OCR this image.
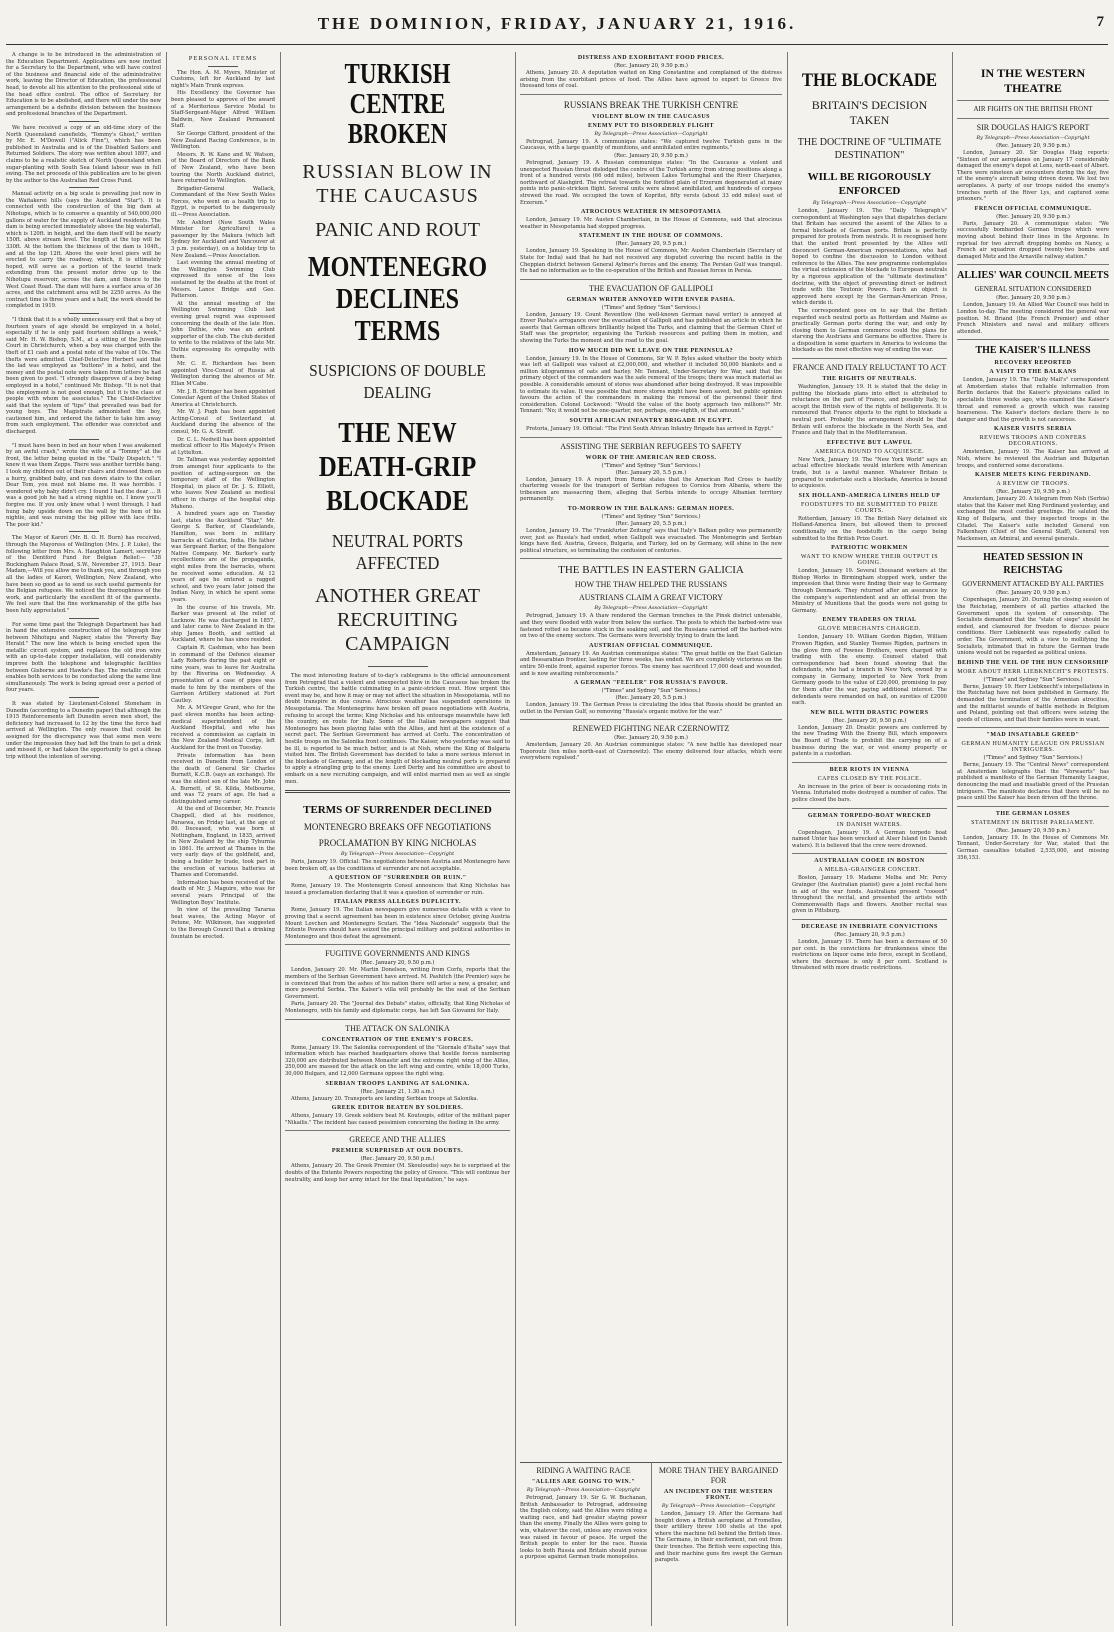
THE DOMINION, FRIDAY, JANUARY 21, 1916.	7

A change is to be introduced in the administration of the Education Department. Applications are now invited for a Secretary to the Department, who will have control of the business and financial side of the administrative work, leaving the Director of Education, the professional head, to devote all his attention to the professional side of the head office control. The office of Secretary for Education is to be abolished, and there will under the new arrangement be a definite division between the business and professional branches of the Department.

We have received a copy of an old-time story of the North Queensland canefields, "Tommy's Ghost," written by Mr. E. M'Dowell ("Alick Finn"), which has been published in Australia and is of the Disabled Sailors and Returned Soldiers. The story was written about 1897, and claims to be a realistic sketch of North Queensland when sugar-planting with South Sea Island labour was in full swing. The net proceeds of this publication are to be given by the author to the Australian Red Cross Fund.

Manual activity on a big scale is prevailing just now in the Waitakerei hills (says the Auckland "Star"). It is connected with the construction of the big dam at Nihotupu, which is to conserve a quantity of 540,000,000 gallons of water for the supply of Auckland residents. The dam is being erected immediately above the big waterfall, which is 120ft. in height, and the dam itself will be nearly 150ft. above stream level. The length at the top will be 330ft. At the bottom the thickness of the dam is 104ft., and at the top 12ft. Above the weir level piers will be erected to carry the roadway, which, it is ultimately hoped, will serve as a portion of the tourist track extending from the present motor drive up to the Nihotupu reservoir, across the dam, and thence to the West Coast Road. The dam will have a surface area of 36 acres, and the catchment area will be 2250 acres. As the contract time is three years and a half, the work should be completed in 1919.

"I think that it is a wholly unnecessary evil that a boy of fourteen years of age should be employed in a hotel, especially if he is only paid fourteen shillings a week," said Mr. H. W. Bishop, S.M., at a sitting of the Juvenile Court in Christchurch, when a boy was charged with the theft of £1 cash and a postal note of the value of 10s. The thefts were admitted. Chief-Detective Herbert said that the lad was employed as "buttons" in a hotel, and the money and the postal note were taken from letters he had been given to post. "I strongly disapprove of a boy being employed in a hotel," continued Mr. Bishop. "It is not that the employment is not good enough, but it is the class of people with whom he associates." The Chief-Detective said that the system of "tips" that prevailed was bad for young boys. The Magistrate admonished the boy, cautioned him, and ordered the father to take him away from such employment. The offender was convicted and discharged.

"I must have been in bed an hour when I was awakened by an awful crash," wrote the wife of a "Tommy" at the front, the letter being quoted in the "Daily Dispatch." "I knew it was them Zepps. There was another terrible bang. I took my children out of their chairs and dressed them on a hurry, grabbed baby, and ran down stairs to the cellar. Dear Tom, you must not blame me. It was horrible. I wondered why baby didn't cry. I found I had the dear ... It was a good job he had a strong nightie on. I know you'll forgive me. If you only knew what I went through. I had hung baby upside down on the wall by the hem of his nightie, and was nursing the big pillow with lace frills. The poor kid."

The Mayor of Karori (Mr. B. O. H. Burn) has received, through the Mayoress of Wellington (Mrs. J. P. Luke), the following letter from Mrs. A. Haughton Lamert, secretary of the Dentford Fund for Belgian Relief:— "38 Buckingham Palace Road, S.W., November 27, 1915. Dear Madam,—Will you allow me to thank you, and through you all the ladies of Karori, Wellington, New Zealand, who have been so good as to send us such useful garments for the Belgian refugees. We noticed the thoroughness of the work, and particularly the excellent fit of the garments. We feel sure that the fine workmanship of the gifts has been fully appreciated."

For some time past the Telegraph Department has had in hand the extensive construction of the telegraph line between Nihotupu and Napier, states the "Poverty Bay Herald." The new line which is being erected upon the metallic circuit system, and replaces the old iron wire with an up-to-date copper installation, will considerably improve both the telephone and telegraphic facilities between Gisborne and Hawke's Bay. The metallic circuit enables both services to be conducted along the same line simultaneously. The work is being spread over a period of four years.

It was stated by Lieutenant-Colonel Stoneham in Dunedin (according to a Dunedin paper) that although the 1915 Reinforcements left Dunedin seven men short, the deficiency had increased to 12 by the time the force had arrived at Wellington. The only reason that could be assigned for the discrepancy was that some men were under the impression they had left the train to get a drink and missed it, or had taken the opportunity to get a cheap trip without the intention of serving.

PERSONAL ITEMS

The Hon. A. M. Myers, Minister of Customs, left for Auckland by last night's Main Trunk express.

His Excellency the Governor has been pleased to approve of the award of a Meritorious Service Medal to Staff-Sergeant-Major Alfred William Baldwin, New Zealand Permanent Staff.

Sir George Clifford, president of the New Zealand Racing Conference, is in Wellington.

Messrs. R. W. Kane and W. Watson, of the Board of Directors of the Bank of New Zealand, who have been touring the North Auckland district, have returned to Wellington.

Brigadier-General Wallack, Commandant of the New South Wales Forces, who went on a health trip to Egypt, is reported to be dangerously ill.—Press Association.

Mr. Ashford (New South Wales Minister for Agriculture) is a passenger by the Makura (which left Sydney for Auckland and Vancouver at 3 p.m. yesterday), on a holiday trip to New Zealand.—Press Association.

Last evening the annual meeting of the Wellington Swimming Club expressed its sense of the loss sustained by the deaths at the front of Messrs. Lance Bridge and Geo. Patterson.

At the annual meeting of the Wellington Swimming Club last evening great regret was expressed concerning the death of the late Hon. John Duthie, who was an ardent supporter of the club. The club decided to write to the relatives of the late Mr. Duthie expressing its sympathy with them.

Mr. C. E. Richardson has been appointed Vice-Consul of Russia at Wellington during the absence of Mr. Ellan M'Cabe.

Mr. J. B. Stringer has been appointed Consular Agent of the United States of America at Christchurch.

Mr. W. J. Pugh has been appointed Acting-Consul of Switzerland at Auckland during the absence of the consul, Mr. G. A. Streiff.

Dr. C. L. Nedwill has been appointed medical officer to His Majesty's Prison at Lyttelton.

Dr. Tallman was yesterday appointed from amongst four applicants to the position of acting-surgeon on the temporary staff of the Wellington Hospital, in place of Dr. J. S. Elliott, who leaves New Zealand as medical officer in charge of the hospital ship Maheno.

A hundred years ago on Tuesday last, states the Auckland "Star," Mr. George S. Barker, of Claudelands, Hamilton, was born in military barracks at Calcutta, India. His father was Sergeant Barker, of the Bengalore Native Company. Mr. Barker's early recollections are of the propaganda, eight miles from the barracks, where he received some education. At 12 years of age he entered a ragged school, and two years later joined the Indian Navy, in which he spent some years.

In the course of his travels, Mr. Barker was present at the relief of Lucknow. He was discharged in 1857, and later came to New Zealand in the ship James Booth, and settled at Auckland, where he has since resided.

Captain R. Cashman, who has been in command of the Defence steamer Lady Roberts during the past eight or nine years, was to leave for Australia by the Riverina on Wednesday. A presentation of a case of pipes was made to him by the members of the Garrison Artillery stationed at Fort Cautley.

Mr. A. M'Gregor Grant, who for the past eleven months has been acting-medical superintendent of the Auckland Hospital, and who has received a commission as captain in the New Zealand Medical Corps, left Auckland for the front on Tuesday.

Private information has been received in Dunedin from London of the death of General Sir Charles Burnett, K.C.B. (says an exchange). He was the eldest son of the late Mr. John A. Burnett, of St. Kilda, Melbourne, and was 72 years of age. He had a distinguished army career.

At the end of December, Mr. Francis Chappell, died at his residence, Paraewa, on Friday last, at the age of 80. Deceased, who was born at Nottingham, England, in 1835, arrived in New Zealand by the ship Tyburnia in 1861. He arrived at Thames in the very early days of the goldfield, and, being a builder by trade, took part in the erection of various batteries at Thames and Coromandel.

Information has been received of the death of Mr. J. Maguire, who was for several years Principal of the Wellington Boys' Institute.

In view of the prevailing Tararua heat waves, the Acting Mayor of Petone, Mr. Wilkinson, has suggested to the Borough Council that a drinking fountain be erected.

TURKISH CENTRE BROKEN
RUSSIAN BLOW IN THE CAUCASUS
PANIC AND ROUT
MONTENEGRO DECLINES TERMS
SUSPICIONS OF DOUBLE DEALING
THE NEW DEATH-GRIP BLOCKADE
NEUTRAL PORTS AFFECTED
ANOTHER GREAT RECRUITING CAMPAIGN

The most interesting feature of to-day's cablegrams is the official announcement from Petrograd that a violent and unexpected blow in the Caucasus has broken the Turkish centre, the battle culminating in a panic-stricken rout. How urgent this event may be, and how it may or may not affect the situation in Mesopotamia, will no doubt transpire in due course. Atrocious weather has suspended operations in Mesopotamia. The Montenegrins have broken off peace negotiations with Austria, refusing to accept the terms; King Nicholas and his entourage meanwhile have left the country, en route for Italy. Some of the Italian newspapers suggest that Montenegro has been playing false with the Allies, and hint at the existence of a secret pact. The Serbian Government has arrived at Corfu. The concentration of hostile troops on the Salonika front continues. The Kaiser, who yesterday was said to be ill, is reported to be much better, and is at Nish, where the King of Bulgaria visited him. The British Government has decided to take a more serious interest in the blockade of Germany, and at the length of blockading neutral ports is prepared to apply a strangling grip to the enemy. Lord Derby and his committee are about to embark on a new recruiting campaign, and will enlist married men as well as single men.

TERMS OF SURRENDER DECLINED
MONTENEGRO BREAKS OFF NEGOTIATIONS
PROCLAMATION BY KING NICHOLAS
By Telegraph—Press Association—Copyright

Paris, January 19. Official: The negotiations between Austria and Montenegro have been broken off, as the conditions of surrender are not acceptable.

A QUESTION OF "SURRENDER OR RUIN."

Rome, January 19. The Montenegrin Consul announces that King Nicholas has issued a proclamation declaring that it was a question of surrender or ruin.

ITALIAN PRESS ALLEGES DUPLICITY.

Rome, January 19. The Italian newspapers give numerous details with a view to proving that a secret agreement has been in existence since October, giving Austria Mount Lovchen and Montenegro Scutari. The "Idea Nazionale" suggests that the Entente Powers should have seized the principal military and political authorities in Montenegro and thus defeat the agreement.

FUGITIVE GOVERNMENTS AND KINGS
(Rec. January 20, 9.50 p.m.)

London, January 20. Mr. Martin Donelson, writing from Corfu, reports that the members of the Serbian Government have arrived. M. Pashitch (the Premier) says he is convinced that from the ashes of his nation there will arise a new, a greater, and more powerful Serbia. The Kaiser's villa will probably be the seat of the Serbian Government.

Paris, January 20. The "Journal des Debats" states, officially, that King Nicholas of Montenegro, with his family and diplomatic corps, has left San Giovanni for Italy.

THE ATTACK ON SALONIKA
CONCENTRATION OF THE ENEMY'S FORCES.

Rome, January 19. The Salonika correspondent of the "Giornale d'Italia" says that information which has reached headquarters shows that hostile forces numbering 320,000 are distributed between Monastir and the extreme right wing of the Allies, 250,000 are massed for the attack on the left wing and centre, while 18,000 Turks, 30,000 Bulgars, and 12,000 Germans oppose the right wing.

SERBIAN TROOPS LANDING AT SALONIKA.
(Rec. January 21, 1.30 a.m.)

Athens, January 20. Transports are landing Serbian troops at Salonika.

GREEK EDITOR BEATEN BY SOLDIERS.

Athens, January 19. Greek soldiers beat M. Koutoupis, editor of the militant paper "Nikailis." The incident has caused pessimism concerning the feeling in the army.

GREECE AND THE ALLIES
PREMIER SURPRISED AT OUR DOUBTS.
(Rec. January 20, 9.50 p.m.)

Athens, January 20. The Greek Premier (M. Skouloudis) says he is surprised at the doubts of the Entente Powers respecting the policy of Greece. "This will continue her neutrality, and keep her army intact for the final liquidation," he says.

DISTRESS AND EXORBITANT FOOD PRICES.
(Rec. January 20, 9.50 p.m.)

Athens, January 20. A deputation waited on King Constantine and complained of the distress arising from the exorbitant prices of food. The Allies have agreed to export to Greece five thousand tons of coal.

RUSSIANS BREAK THE TURKISH CENTRE
VIOLENT BLOW IN THE CAUCASUS
ENEMY PUT TO DISORDERLY FLIGHT
By Telegraph—Press Association—Copyright

Petrograd, January 19. A communique states: "We captured twelve Turkish guns in the Caucasus, with a large quantity of munitions, and annihilated entire regiments."

(Rec. January 20, 9.50 p.m.)

Petrograd, January 19. A Russian communique states: "In the Caucasus a violent and unexpected Russian thrust dislodged the centre of the Turkish army from strong positions along a front of a hundred versts (66 odd miles), between Lakes Tortumghal and the River Charjanes, northward of Alashgird. The retreat towards the fortified plain of Erzerum degenerated at many points into panic-stricken flight. Several units were almost annihilated, and hundreds of corpses strewed the road. We occupied the town of Kopritei, fifty versts (about 33 odd miles) east of Erzerum."

ATROCIOUS WEATHER IN MESOPOTAMIA

London, January 19. Mr. Austen Chamberlain, in the House of Commons, said that atrocious weather in Mesopotamia had stopped progress.

STATEMENT IN THE HOUSE OF COMMONS.
(Rec. January 20, 9.5 p.m.)

London, January 19. Speaking in the House of Commons, Mr. Austen Chamberlain (Secretary of State for India) said that he had not received any disputed covering the recent battle in the Cheppian district between General Aylmer's forces and the enemy. The Persian Gulf was tranquil. He had no information as to the co-operation of the British and Russian forces in Persia.

THE EVACUATION OF GALLIPOLI
GERMAN WRITER ANNOYED WITH ENVER PASHA.
("Times" and Sydney "Sun" Services.)

London, January 19. Count Reventlow (the well-known German naval writer) is annoyed at Enver Pasha's arrogance over the evacuation of Gallipoli and has published an article in which he asserts that German officers brilliantly helped the Turks, and claiming that the German Chief of Staff was the proprietor, organising the Turkish resources and putting them in motion, and showing the Turks the moment and the road to the goal.

HOW MUCH DID WE LEAVE ON THE PENINSULA?

London, January 19. In the House of Commons, Sir W. P. Byles asked whether the booty which was left at Gallipoli was valued at £2,000,000, and whether it included 50,000 blankets and a million kilogrammes of oats and barley. Mr. Tennant, Under-Secretary for War, said that the primary object of the commanders was the safe removal of the troops; there was much material as possible. A considerable amount of stores was abandoned after being destroyed. It was impossible to estimate its value. It was possible that more stores might have been saved, but public opinion favours the action of the commanders in making the removal of the personnel their first consideration. Colonel Lockwood: "Would the value of the booty approach two millions?" Mr. Tennant: "No; it would not be one-quarter, nor, perhaps, one-eighth, of that amount."

SOUTH AFRICAN INFANTRY BRIGADE IN EGYPT.

Pretoria, January 19. Official: "The First South African Infantry Brigade has arrived in Egypt."

ASSISTING THE SERBIAN REFUGEES TO SAFETY
WORK OF THE AMERICAN RED CROSS.
("Times" and Sydney "Sun" Services.)
(Rec. January 20, 5.5 p.m.)

London, January 19. A report from Rome states that the American Red Cross is hastily chartering vessels for the transport of Serbian refugees to Corsica from Albania, where the tribesmen are massacring them, alleging that Serbia intends to occupy Albanian territory permanently.

TO-MORROW IN THE BALKANS: GERMAN HOPES.
("Times" and Sydney "Sun" Services.)
(Rec. January 20, 5.5 p.m.)

London, January 19. The "Frankfurter Zeitung" says that Italy's Balkan policy was permanently over, just as Russia's had ended, when Gallipoli was evacuated. The Montenegrin and Serbian kings have fled. Austria, Greece, Bulgaria, and Turkey, led on by Germany, will shine in the new political structure, so terminating the confusion of centuries.

THE BATTLES IN EASTERN GALICIA
HOW THE THAW HELPED THE RUSSIANS
AUSTRIANS CLAIM A GREAT VICTORY
By Telegraph—Press Association—Copyright

Petrograd, January 19. A thaw rendered the German trenches in the Pinsk district untenable, and they were flooded with water from below the surface. The posts to which the barbed-wire was fastened rotted so became stuck in the soaking soil, and the Russians carried off the barbed-wire on two of the enemy sectors. The Germans were feverishly trying to drain the land.

AUSTRIAN OFFICIAL COMMUNIQUE.

Amsterdam, January 19. An Austrian communique states: "The great battle on the East Galician and Bessarabian frontier, lasting for three weeks, has ended. We are completely victorious on the entire 50-mile front, against superior forces. The enemy has sacrificed 17,000 dead and wounded, and is now awaiting reinforcements."

A GERMAN "FEELER" FOR RUSSIA'S FAVOUR.
("Times" and Sydney "Sun" Services.)
(Rec. January 20, 5.5 p.m.)

London, January 19. The German Press is circulating the idea that Russia should be granted an outlet in the Persian Gulf, so removing "Russia's organic motive for the war."

RENEWED FIGHTING NEAR CZERNOWITZ
(Rec. January 20, 9.50 p.m.)

Amsterdam, January 20. An Austrian communique states: "A new battle has developed near Toporoutz (ten miles north-east of Czernowitz). The enemy delivered four attacks, which were everywhere repulsed."

RIDING A WAITING RACE
"ALLIES ARE GOING TO WIN."
By Telegraph—Press Association—Copyright

Petrograd, January 19. Sir G. W. Buchanan, British Ambassador to Petrograd, addressing the English colony, said the Allies were riding a waiting race, and had greater staying power than the enemy. Finally the Allies were going to win, whatever the cost, unless any craven voice was raised in favour of peace. He urged the British people to enter for the race. Russia looks to both Russia and Britain should pursue a purpose against German trade monopolies.

MORE THAN THEY BARGAINED FOR
AN INCIDENT ON THE WESTERN FRONT.
By Telegraph—Press Association—Copyright

London, January 19. After the Germans had bought down a British aeroplane at Fromelles, their artillery threw 100 shells at the spot where the machine fell behind the British lines. The Germans, in their excitement, ran out from their trenches. The British were expecting this, and their machine guns fire swept the German parapets.

THE BLOCKADE
BRITAIN'S DECISION TAKEN
THE DOCTRINE OF "ULTIMATE DESTINATION"
WILL BE RIGOROUSLY ENFORCED
By Telegraph—Press Association—Copyright

London, January 19. The "Daily Telegraph's" correspondent at Washington says that dispatches declare that Britain has secured the assent of the Allies to a formal blockade of German ports. Britain is perfectly prepared for protests from neutrals. It is recognised here that the united front presented by the Allies will disconcert German-American representations, who had hoped to confine the discussion to London without reference to the Allies. The new programme contemplates the virtual extension of the blockade to European neutrals by a rigorous application of the "ultimate destination" doctrine, with the object of preventing direct or indirect trade with the Teutonic Powers. Such an object is approved here except by the German-American Press, which deride it.

The correspondent goes on to say that the British regarded such neutral ports as Rotterdam and Malmo as practically German ports during the war, and only by closing them to German commerce could the plans for starving the Austrians and Germans be effective. There is a disposition in some quarters in America to welcome the blockade as the most effective way of ending the war.

FRANCE AND ITALY RELUCTANT TO ACT
THE RIGHTS OF NEUTRALS.

Washington, January 19. It is stated that the delay in putting the blockade plans into effect is attributed to reluctance on the part of France, and possibly Italy, to accept the British view of the rights of belligerents. It is rumoured that France objects to the right to blockade a neutral port. Probably the arrangement should be that Britain will enforce the blockade in the North Sea, and France and Italy that in the Mediterranean.

EFFECTIVE BUT LAWFUL
AMERICA BOUND TO ACQUIESCE.

New York, January 19. The "New York World" says an actual effective blockade would interfere with American trade, but is a lawful manner. Whatever Britain is prepared to undertake such a blockade, America is bound to acquiesce.

SIX HOLLAND-AMERICA LINERS HELD UP
FOODSTUFFS TO BE SUBMITTED TO PRIZE COURTS.

Rotterdam, January 19. The British Navy detained six Holland-America liners, but allowed them to proceed conditionally on the foodstuffs in the cargo being submitted to the British Prize Court.

PATRIOTIC WORKMEN
WANT TO KNOW WHERE THEIR OUTPUT IS GOING.

London, January 19. Several thousand workers at the Bishop Works in Birmingham stopped work, under the impression that three were finding their way to Germany through Denmark. They returned after an assurance by the company's superintendent and an official from the Ministry of Munitions that the goods were not going to Germany.

ENEMY TRADERS ON TRIAL
GLOVE MERCHANTS CHARGED.

London, January 19. William Gordon Rigden, William Frowen Rigden, and Stanley Teemes Rigden, partners in the glove firm of Fownes Brothers, were charged with trading with the enemy. Counsel stated that correspondence had been found showing that the defendants, who had a branch in New York, owned by a company in Germany, imported to New York from Germany goods to the value of £20,000, promising to pay for them after the war, paying additional interest. The defendants were remanded on bail, on sureties of £2000 each.

NEW BILL WITH DRASTIC POWERS
(Rec. January 20, 9.50 p.m.)

London, January 20. Drastic powers are conferred by the new Trading With the Enemy Bill, which empowers the Board of Trade to prohibit the carrying on of a business during the war, or vest enemy property or patents in a custodian.

BEER RIOTS IN VIENNA
CAFES CLOSED BY THE POLICE.

An increase in the price of beer is occasioning riots in Vienna. Infuriated mobs destroyed a number of cafes. The police closed the bars.

GERMAN TORPEDO-BOAT WRECKED
IN DANISH WATERS.

Copenhagen, January 19. A German torpedo boat named Unter has been wrecked at Alser Island (in Danish waters). It is believed that the crew were drowned.

AUSTRALIAN COOEE IN BOSTON
A MELBA-GRAINGER CONCERT.

Boston, January 19. Madame Melba and Mr. Percy Grainger (the Australian pianist) gave a joint recital here in aid of the war funds. Australians present "cooeed" throughout the recital, and presented the artists with Commonwealth flags and flowers. Another recital was given in Pittsburg.

DECREASE IN INEBRIATE CONVICTIONS
(Rec. January 20, 9.5 p.m.)

London, January 19. There has been a decrease of 50 per cent. in the convictions for drunkenness since the restrictions on liquor came into force, except in Scotland, where the decrease is only 8 per cent. Scotland is threatened with more drastic restrictions.

IN THE WESTERN THEATRE
AIR FIGHTS ON THE BRITISH FRONT
SIR DOUGLAS HAIG'S REPORT
By Telegraph—Press Association—Copyright
(Rec. January 20, 9.50 p.m.)

London, January 20. Sir Douglas Haig reports: "Sixteen of our aeroplanes on January 17 considerably damaged the enemy's depot at Lens, north-east of Albert. There were nineteen air encounters during the day, five of the enemy's aircraft being driven down. We lost two aeroplanes. A party of our troops raided the enemy's trenches north of the River Lys, and captured some prisoners."

FRENCH OFFICIAL COMMUNIQUE.
(Rec. January 20, 9.50 p.m.)

Paris, January 20. A communique states: "We successfully bombarded German troops which were moving about behind their lines in the Argonne. In reprisal for two aircraft dropping bombs on Nancy, a French air squadron dropped twenty-two bombs and damaged Metz and the Arnaville railway station."

ALLIES' WAR COUNCIL MEETS
GENERAL SITUATION CONSIDERED
(Rec. January 20, 9.50 p.m.)

London, January 19. An Allied War Council was held in London to-day. The meeting considered the general war position. M. Briand (the French Premier) and other French Ministers and naval and military officers attended.

THE KAISER'S ILLNESS
RECOVERY REPORTED
A VISIT TO THE BALKANS

London, January 19. The "Daily Mail's" correspondent at Amsterdam states that reliable information from Berlin declares that the Kaiser's physicians called in specialists three weeks ago, who examined the Kaiser's throat and removed a growth which was causing hoarseness. The Kaiser's doctors declare there is no danger and that the growth is not cancerous.

KAISER VISITS SERBIA
REVIEWS TROOPS AND CONFERS DECORATIONS.

Amsterdam, January 19. The Kaiser has arrived at Nish, where he reviewed the Austrian and Bulgarian troops, and conferred some decorations.

KAISER MEETS KING FERDINAND.
A REVIEW OF TROOPS.
(Rec. January 20, 9.50 p.m.)

Amsterdam, January 20. A telegram from Nish (Serbia) states that the Kaiser met King Ferdinand yesterday, and exchanged the most cordial greetings. He saluted the King of Bulgaria, and they inspected troops in the Citadel. The Kaiser's suite included General von Falkenhayn (Chief of the General Staff), General von Mackensen, an Admiral, and several generals.

HEATED SESSION IN REICHSTAG
GOVERNMENT ATTACKED BY ALL PARTIES
(Rec. January 20, 9.50 p.m.)

Copenhagen, January 20. During the closing session of the Reichstag, members of all parties attacked the Government upon its system of censorship. The Socialists demanded that the "state of siege" should be ended, and clamoured for freedom to discuss peace conditions. Herr Liebknecht was repeatedly called to order. The Government, with a view to mollifying the Socialists, intimated that in future the German trade unions would not be regarded as political unions.

BEHIND THE VEIL OF THE HUN CENSORSHIP
MORE ABOUT HERR LIEBKNECHT'S PROTESTS.
("Times" and Sydney "Sun" Services.)

Berne, January 19. Herr Liebknecht's interpellations in the Reichstag have not been published in Germany. He demanded the termination of the Armenian atrocities, and the militarist sounds of battle methods in Belgium and Poland, pointing out that officers were seizing the goods of citizens, and that their families were in want.

"MAD INSATIABLE GREED"
GERMAN HUMANITY LEAGUE ON PRUSSIAN INTRIGUERS.
("Times" and Sydney "Sun" Services.)

Berne, January 19. The "Central News" correspondent at Amsterdam telegraphs that the "Vorwaerts" has published a manifesto of the German Humanity League, denouncing the mad and insatiable greed of the Prussian intriguers. The manifesto declares that there will be no peace until the Kaiser has been driven off the throne.

THE GERMAN LOSSES
STATEMENT IN BRITISH PARLIAMENT.
(Rec. January 20, 9.50 p.m.)

London, January 19. In the House of Commons Mr. Tennant, Under-Secretary for War, stated that the German casualties totalled 2,535,000, and missing 356,153.
